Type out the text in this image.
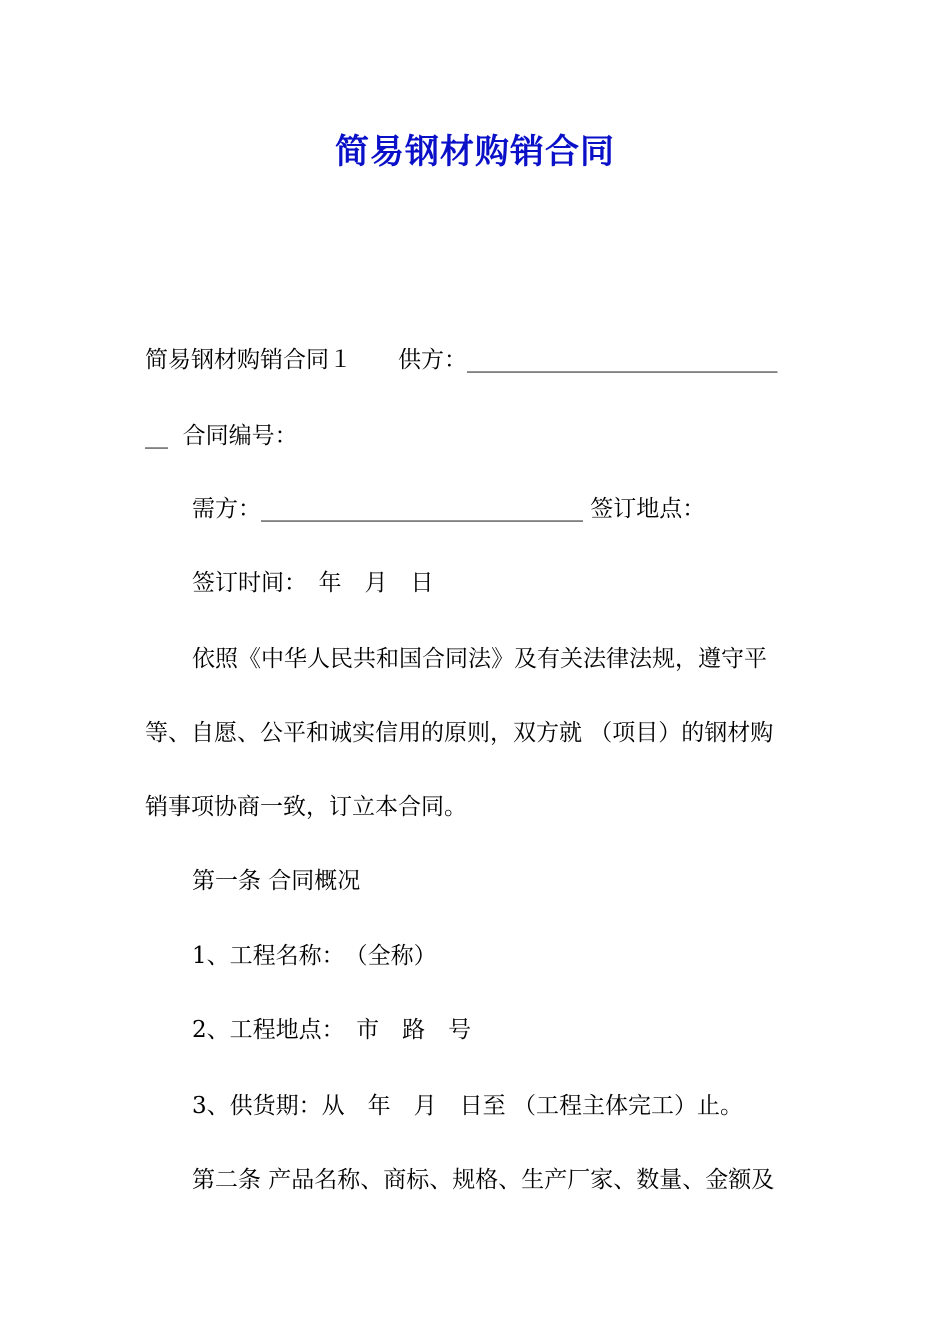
简易钢材购销合同

简易钢材购销合同１　　供方：___________________________

__  合同编号：

需方：____________________________ 签订地点：

签订时间：　年　月　日

依照《中华人民共和国合同法》及有关法律法规，遵守平

等、自愿、公平和诚实信用的原则，双方就 （项目）的钢材购

销事项协商一致，订立本合同。

第一条 合同概况

1、工程名称：　（全称）

2、工程地点：　市　路　号

3、供货期：从　年　月　日至 （工程主体完工）止。

第二条 产品名称、商标、规格、生产厂家、数量、金额及
